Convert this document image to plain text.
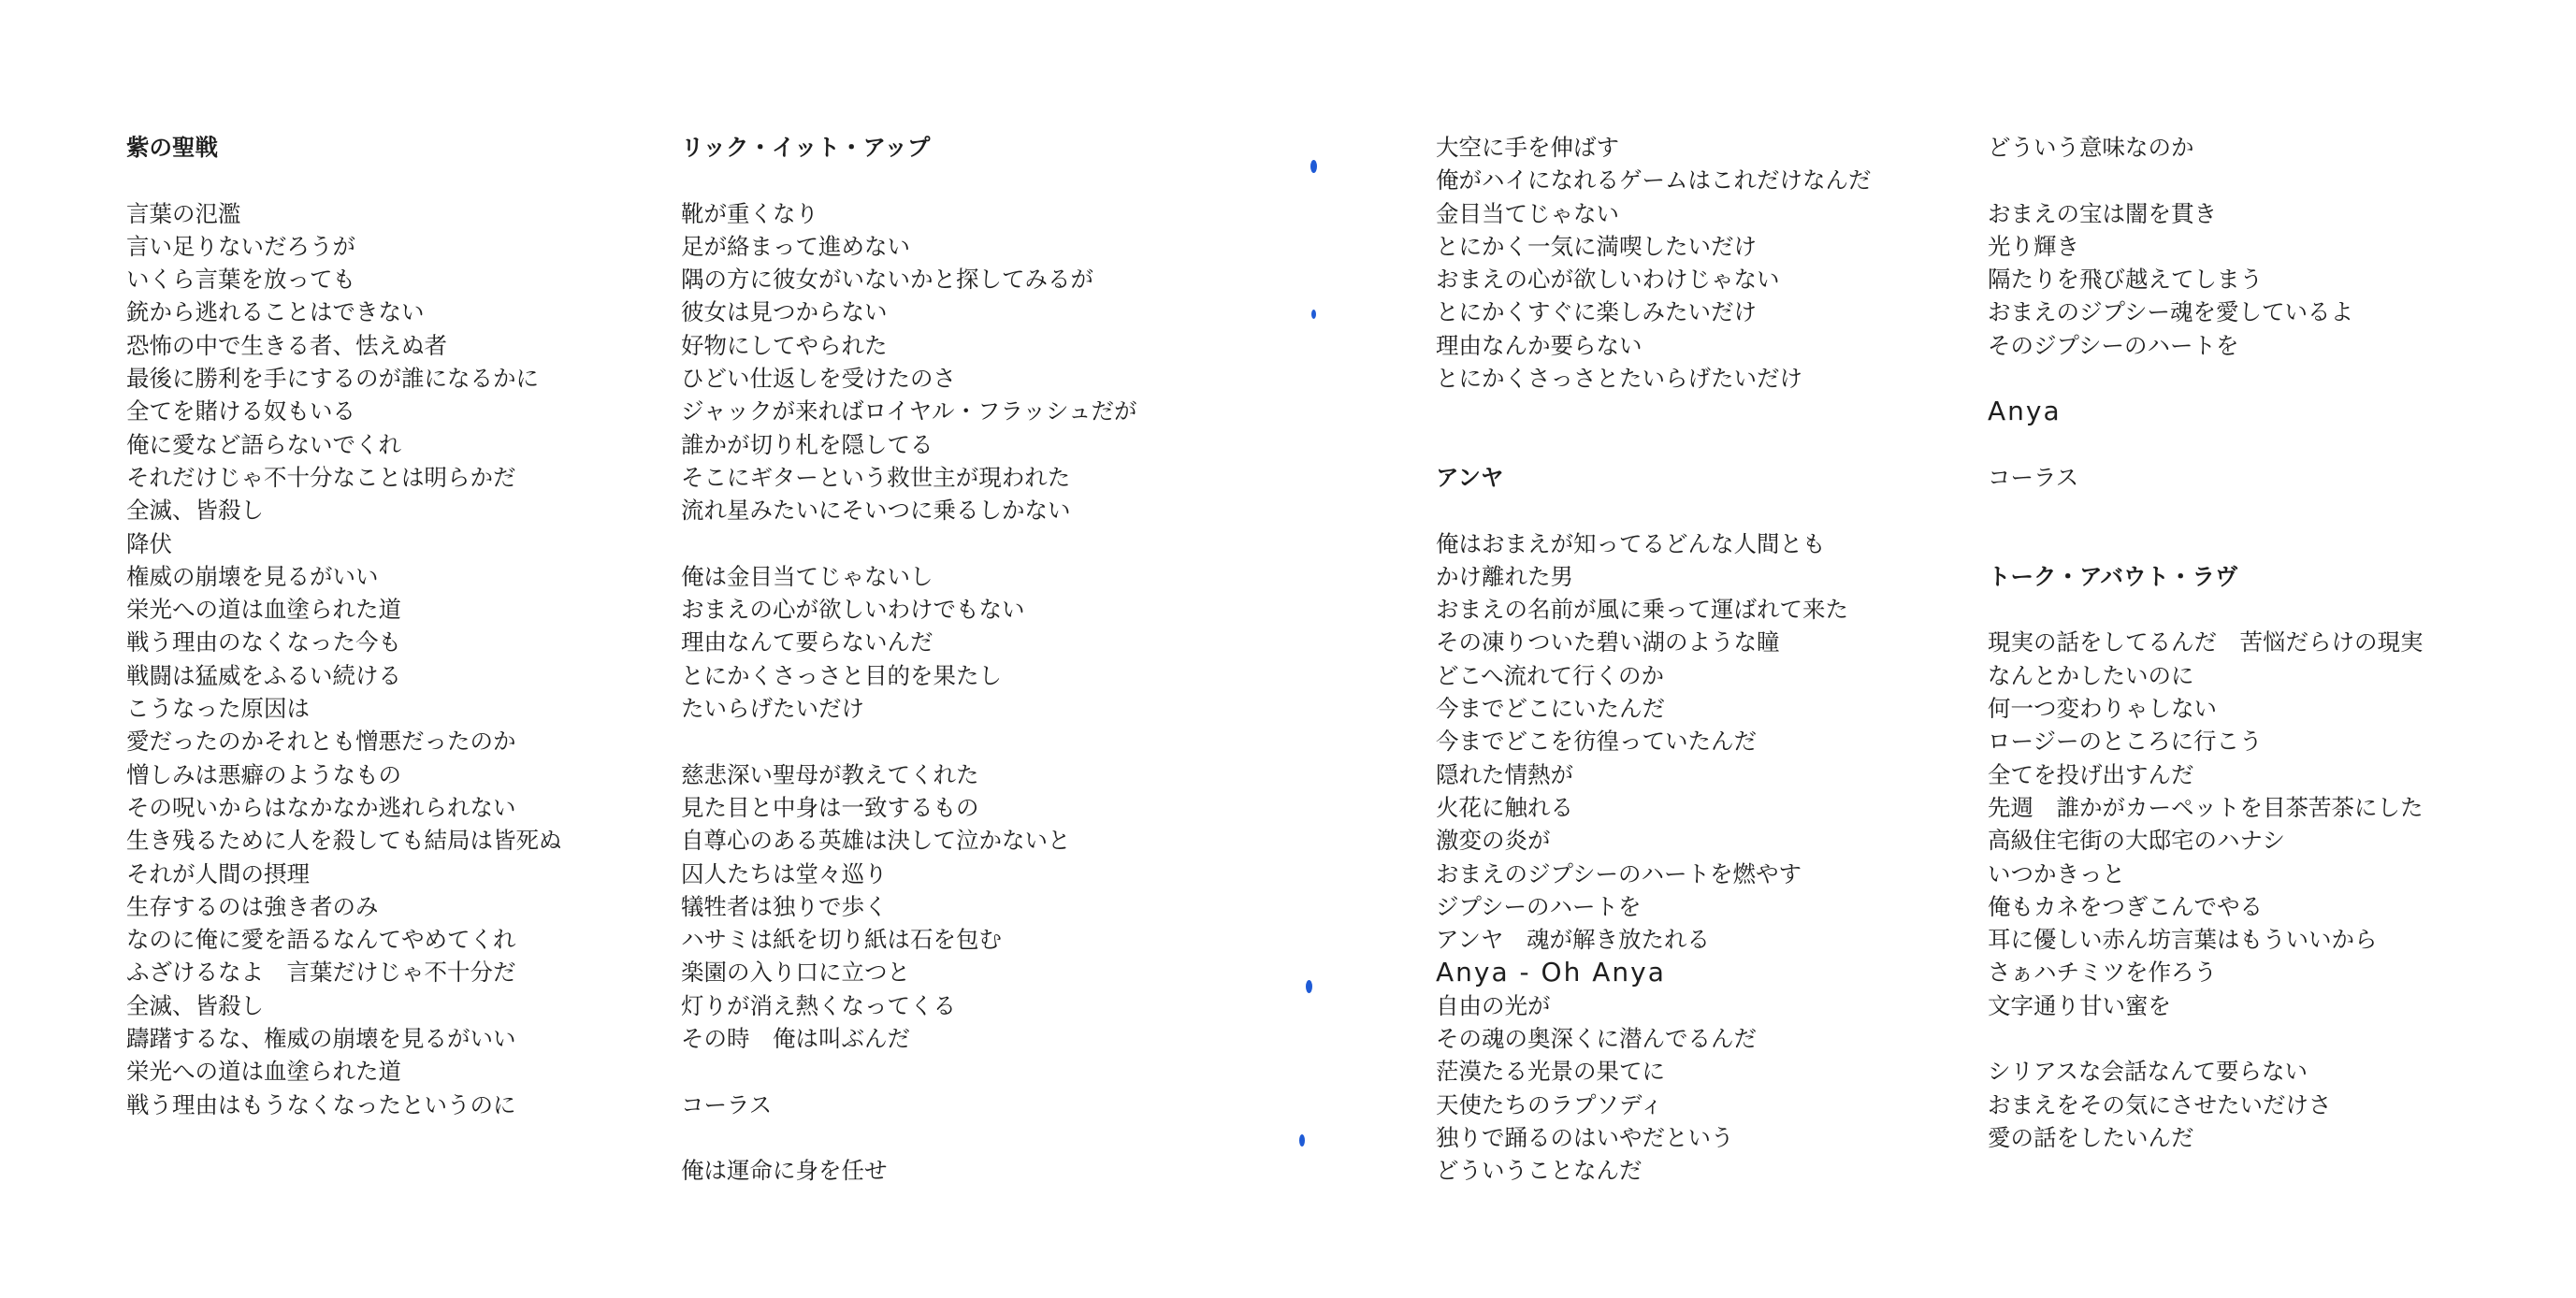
紫の聖戦
言葉の氾濫
言い足りないだろうが
いくら言葉を放っても
銃から逃れることはできない
恐怖の中で生きる者、怯えぬ者
最後に勝利を手にするのが誰になるかに
全てを賭ける奴もいる
俺に愛など語らないでくれ
それだけじゃ不十分なことは明らかだ
全滅、皆殺し
降伏
権威の崩壊を見るがいい
栄光への道は血塗られた道
戦う理由のなくなった今も
戦闘は猛威をふるい続ける
こうなった原因は
愛だったのかそれとも憎悪だったのか
憎しみは悪癖のようなもの
その呪いからはなかなか逃れられない
生き残るために人を殺しても結局は皆死ぬ
それが人間の摂理
生存するのは強き者のみ
なのに俺に愛を語るなんてやめてくれ
ふざけるなよ　言葉だけじゃ不十分だ
全滅、皆殺し
躊躇するな、権威の崩壊を見るがいい
栄光への道は血塗られた道
戦う理由はもうなくなったというのに
リック・イット・アップ
靴が重くなり
足が絡まって進めない
隅の方に彼女がいないかと探してみるが
彼女は見つからない
好物にしてやられた
ひどい仕返しを受けたのさ
ジャックが来ればロイヤル・フラッシュだが
誰かが切り札を隠してる
そこにギターという救世主が現われた
流れ星みたいにそいつに乗るしかない
俺は金目当てじゃないし
おまえの心が欲しいわけでもない
理由なんて要らないんだ
とにかくさっさと目的を果たし
たいらげたいだけ
慈悲深い聖母が教えてくれた
見た目と中身は一致するもの
自尊心のある英雄は決して泣かないと
囚人たちは堂々巡り
犠牲者は独りで歩く
ハサミは紙を切り紙は石を包む
楽園の入り口に立つと
灯りが消え熱くなってくる
その時　俺は叫ぶんだ
コーラス
俺は運命に身を任せ
大空に手を伸ばす
俺がハイになれるゲームはこれだけなんだ
金目当てじゃない
とにかく一気に満喫したいだけ
おまえの心が欲しいわけじゃない
とにかくすぐに楽しみたいだけ
理由なんか要らない
とにかくさっさとたいらげたいだけ
アンヤ
俺はおまえが知ってるどんな人間とも
かけ離れた男
おまえの名前が風に乗って運ばれて来た
その凍りついた碧い湖のような瞳
どこへ流れて行くのか
今までどこにいたんだ
今までどこを彷徨っていたんだ
隠れた情熱が
火花に触れる
激変の炎が
おまえのジプシーのハートを燃やす
ジプシーのハートを
アンヤ　魂が解き放たれる
Anya - Oh Anya
自由の光が
その魂の奥深くに潜んでるんだ
茫漠たる光景の果てに
天使たちのラプソディ
独りで踊るのはいやだという
どういうことなんだ
どういう意味なのか
おまえの宝は闇を貫き
光り輝き
隔たりを飛び越えてしまう
おまえのジプシー魂を愛しているよ
そのジプシーのハートを
Anya
コーラス
トーク・アバウト・ラヴ
現実の話をしてるんだ　苦悩だらけの現実
なんとかしたいのに
何一つ変わりゃしない
ロージーのところに行こう
全てを投げ出すんだ
先週　誰かがカーペットを目茶苦茶にした
高級住宅街の大邸宅のハナシ
いつかきっと
俺もカネをつぎこんでやる
耳に優しい赤ん坊言葉はもういいから
さぁハチミツを作ろう
文字通り甘い蜜を
シリアスな会話なんて要らない
おまえをその気にさせたいだけさ
愛の話をしたいんだ
